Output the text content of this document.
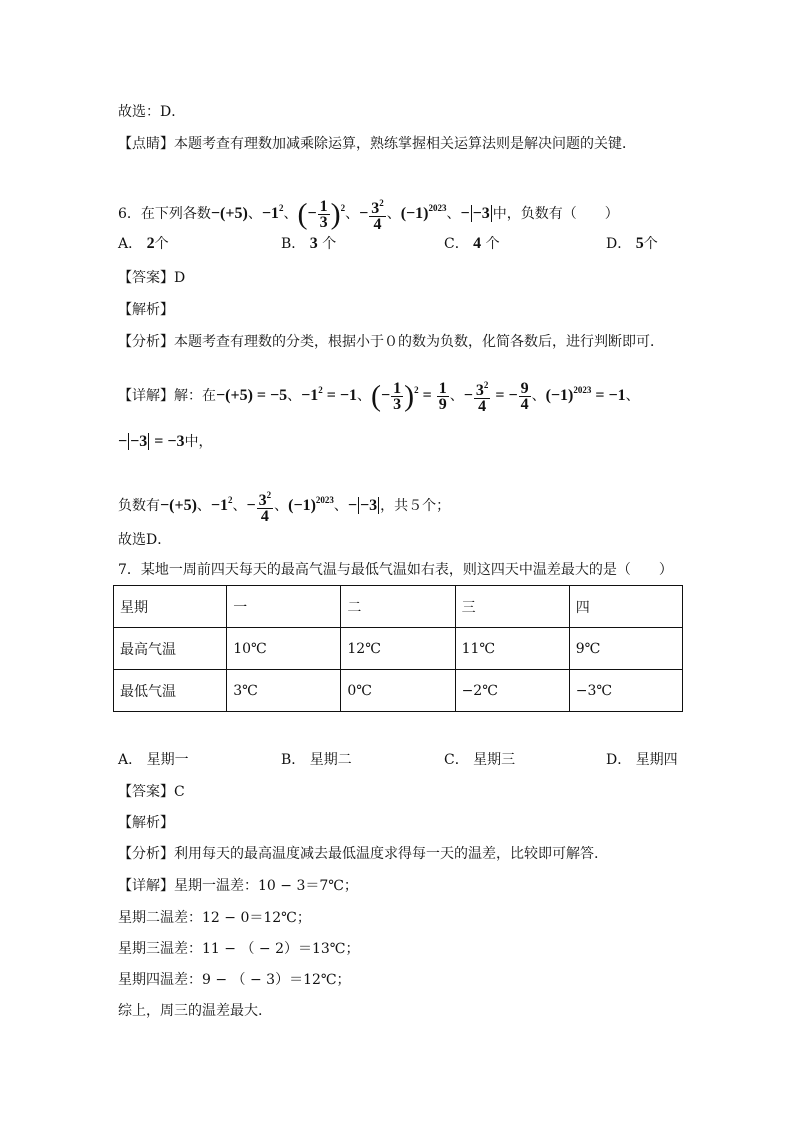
故选：D．
【点睛】本题考查有理数加减乘除运算，熟练掌握相关运算法则是解决问题的关键．
6．在下列各数−(+5)、$-1^2$、(− $\frac{1}{3} )^2$、− $\frac{3^2}{4}$ 、$(-1)^{2023}$、− −3 中，负数有（　　）
A． 2个	B． 3 个	C． 4 个	D． 5个
【答案】D
【解析】
【分析】本题考查有理数的分类，根据小于０的数为负数，化简各数后，进行判断即可．
【详解】解：在−(+5) = −5、$-1^2 = -1$、(− $\frac{1}{3} )^2 = \frac{1}{9}$ 、− $\frac{3^2}{4}$ = − $\frac{9}{4}$ 、$(-1)^{2023} = -1$、
− −3 = −3中，
负数有−(+5)、$-1^2$、− $\frac{3^2}{4}$ 、$(-1)^{2023}$、− −3 ，共５个；
故选D．
7．某地一周前四天每天的最高气温与最低气温如右表，则这四天中温差最大的是（　　）
星期	一	二	三	四
最高气温	10℃	12℃	11℃	9℃
最低气温	3℃	0℃	−2℃	−3℃
A． 星期一	B． 星期二	C． 星期三	D． 星期四
【答案】C
【解析】
【分析】利用每天的最高温度减去最低温度求得每一天的温差，比较即可解答.
【详解】星期一温差：10 − 3＝7℃；
星期二温差：12 − 0＝12℃；
星期三温差：11 − （ − 2）＝13℃；
星期四温差：9 − （ − 3）＝12℃；
综上，周三的温差最大.
